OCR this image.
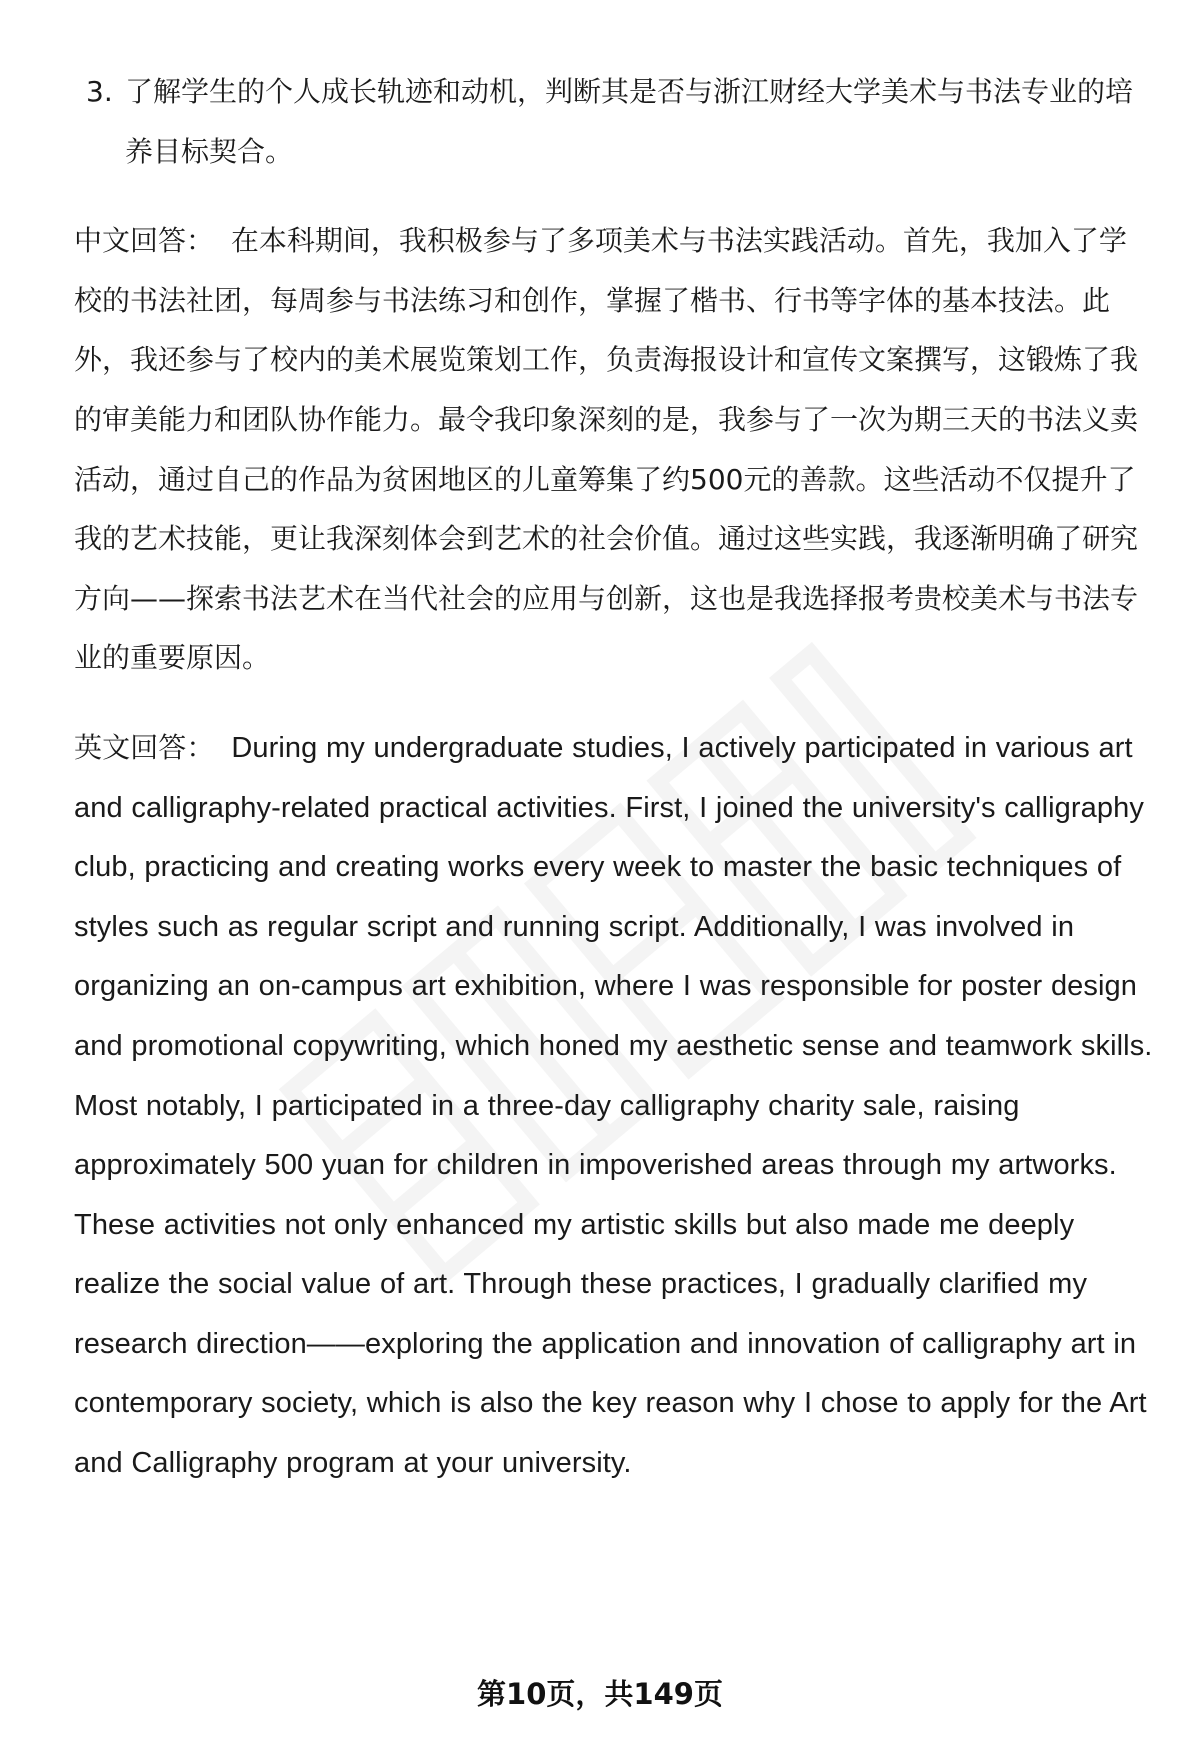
3. 了解学生的个人成长轨迹和动机，判断其是否与浙江财经大学美术与书法专业的培养目标契合。

中文回答： 在本科期间，我积极参与了多项美术与书法实践活动。首先，我加入了学校的书法社团，每周参与书法练习和创作，掌握了楷书、行书等字体的基本技法。此外，我还参与了校内的美术展览策划工作，负责海报设计和宣传文案撰写，这锻炼了我的审美能力和团队协作能力。最令我印象深刻的是，我参与了一次为期三天的书法义卖活动，通过自己的作品为贫困地区的儿童筹集了约500元的善款。这些活动不仅提升了我的艺术技能，更让我深刻体会到艺术的社会价值。通过这些实践，我逐渐明确了研究方向——探索书法艺术在当代社会的应用与创新，这也是我选择报考贵校美术与书法专业的重要原因。

英文回答： During my undergraduate studies, I actively participated in various art and calligraphy-related practical activities. First, I joined the university's calligraphy club, practicing and creating works every week to master the basic techniques of styles such as regular script and running script. Additionally, I was involved in organizing an on-campus art exhibition, where I was responsible for poster design and promotional copywriting, which honed my aesthetic sense and teamwork skills. Most notably, I participated in a three-day calligraphy charity sale, raising approximately 500 yuan for children in impoverished areas through my artworks. These activities not only enhanced my artistic skills but also made me deeply realize the social value of art. Through these practices, I gradually clarified my research direction——exploring the application and innovation of calligraphy art in contemporary society, which is also the key reason why I chose to apply for the Art and Calligraphy program at your university.

第10页，共149页
